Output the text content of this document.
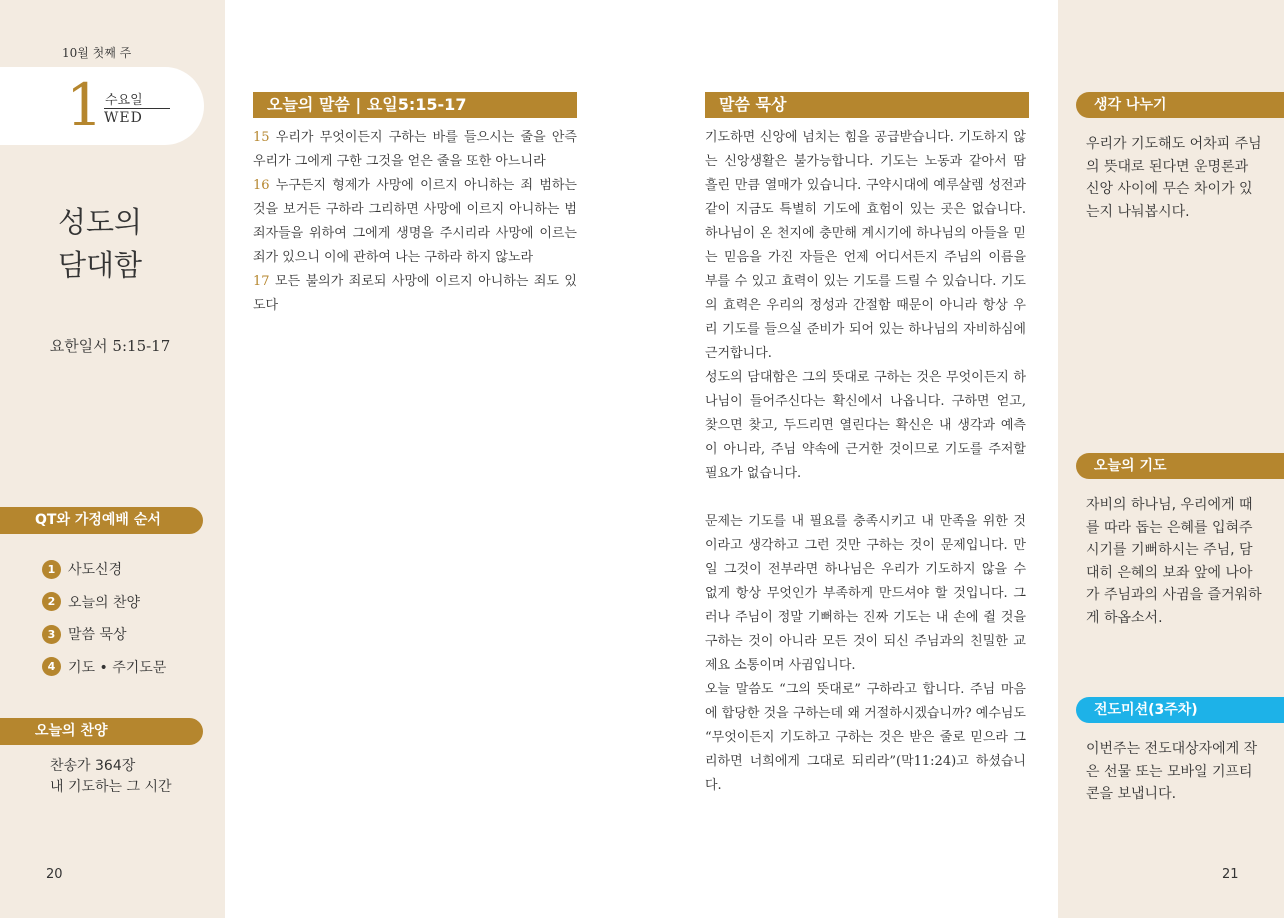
10월 첫째 주
1 수요일
WED
성도의
담대함
요한일서 5:15-17
QT와 가정예배 순서
1 사도신경
2 오늘의 찬양
3 말씀 묵상
4 기도 • 주기도문
오늘의 찬양
찬송가 364장
내 기도하는 그 시간
20
오늘의 말씀 | 요일5:15-17
15 우리가 무엇이든지 구하는 바를 들으시는 줄을 안즉 우리가 그에게 구한 그것을 얻은 줄을 또한 아느니라
16 누구든지 형제가 사망에 이르지 아니하는 죄 범하는 것을 보거든 구하라 그리하면 사망에 이르지 아니하는 범죄자들을 위하여 그에게 생명을 주시리라 사망에 이르는 죄가 있으니 이에 관하여 나는 구하라 하지 않노라
17 모든 불의가 죄로되 사망에 이르지 아니하는 죄도 있도다
말씀 묵상

기도하면 신앙에 넘치는 힘을 공급받습니다. 기도하지 않는 신앙생활은 불가능합니다. 기도는 노동과 같아서 땀 흘린 만큼 열매가 있습니다. 구약시대에 예루살렘 성전과 같이 지금도 특별히 기도에 효험이 있는 곳은 없습니다. 하나님이 온 천지에 충만해 계시기에 하나님의 아들을 믿는 믿음을 가진 자들은 언제 어디서든지 주님의 이름을 부를 수 있고 효력이 있는 기도를 드릴 수 있습니다. 기도의 효력은 우리의 정성과 간절함 때문이 아니라 항상 우리 기도를 들으실 준비가 되어 있는 하나님의 자비하심에 근거합니다.

성도의 담대함은 그의 뜻대로 구하는 것은 무엇이든지 하나님이 들어주신다는 확신에서 나옵니다. 구하면 얻고, 찾으면 찾고, 두드리면 열린다는 확신은 내 생각과 예측이 아니라, 주님 약속에 근거한 것이므로 기도를 주저할 필요가 없습니다.

문제는 기도를 내 필요를 충족시키고 내 만족을 위한 것이라고 생각하고 그런 것만 구하는 것이 문제입니다. 만일 그것이 전부라면 하나님은 우리가 기도하지 않을 수 없게 항상 무엇인가 부족하게 만드셔야 할 것입니다. 그러나 주님이 정말 기뻐하는 진짜 기도는 내 손에 쥘 것을 구하는 것이 아니라 모든 것이 되신 주님과의 친밀한 교제요 소통이며 사귐입니다.

오늘 말씀도 “그의 뜻대로” 구하라고 합니다. 주님 마음에 합당한 것을 구하는데 왜 거절하시겠습니까? 예수님도 “무엇이든지 기도하고 구하는 것은 받은 줄로 믿으라 그리하면 너희에게 그대로 되리라”(막11:24)고 하셨습니다.

생각 나누기
우리가 기도해도 어차피 주님의 뜻대로 된다면 운명론과 신앙 사이에 무슨 차이가 있는지 나눠봅시다.
오늘의 기도
자비의 하나님, 우리에게 때를 따라 돕는 은혜를 입혀주시기를 기뻐하시는 주님, 담대히 은혜의 보좌 앞에 나아가 주님과의 사귐을 즐거워하게 하옵소서.
전도미션(3주차)
이번주는 전도대상자에게 작은 선물 또는 모바일 기프티콘을 보냅니다.
21
